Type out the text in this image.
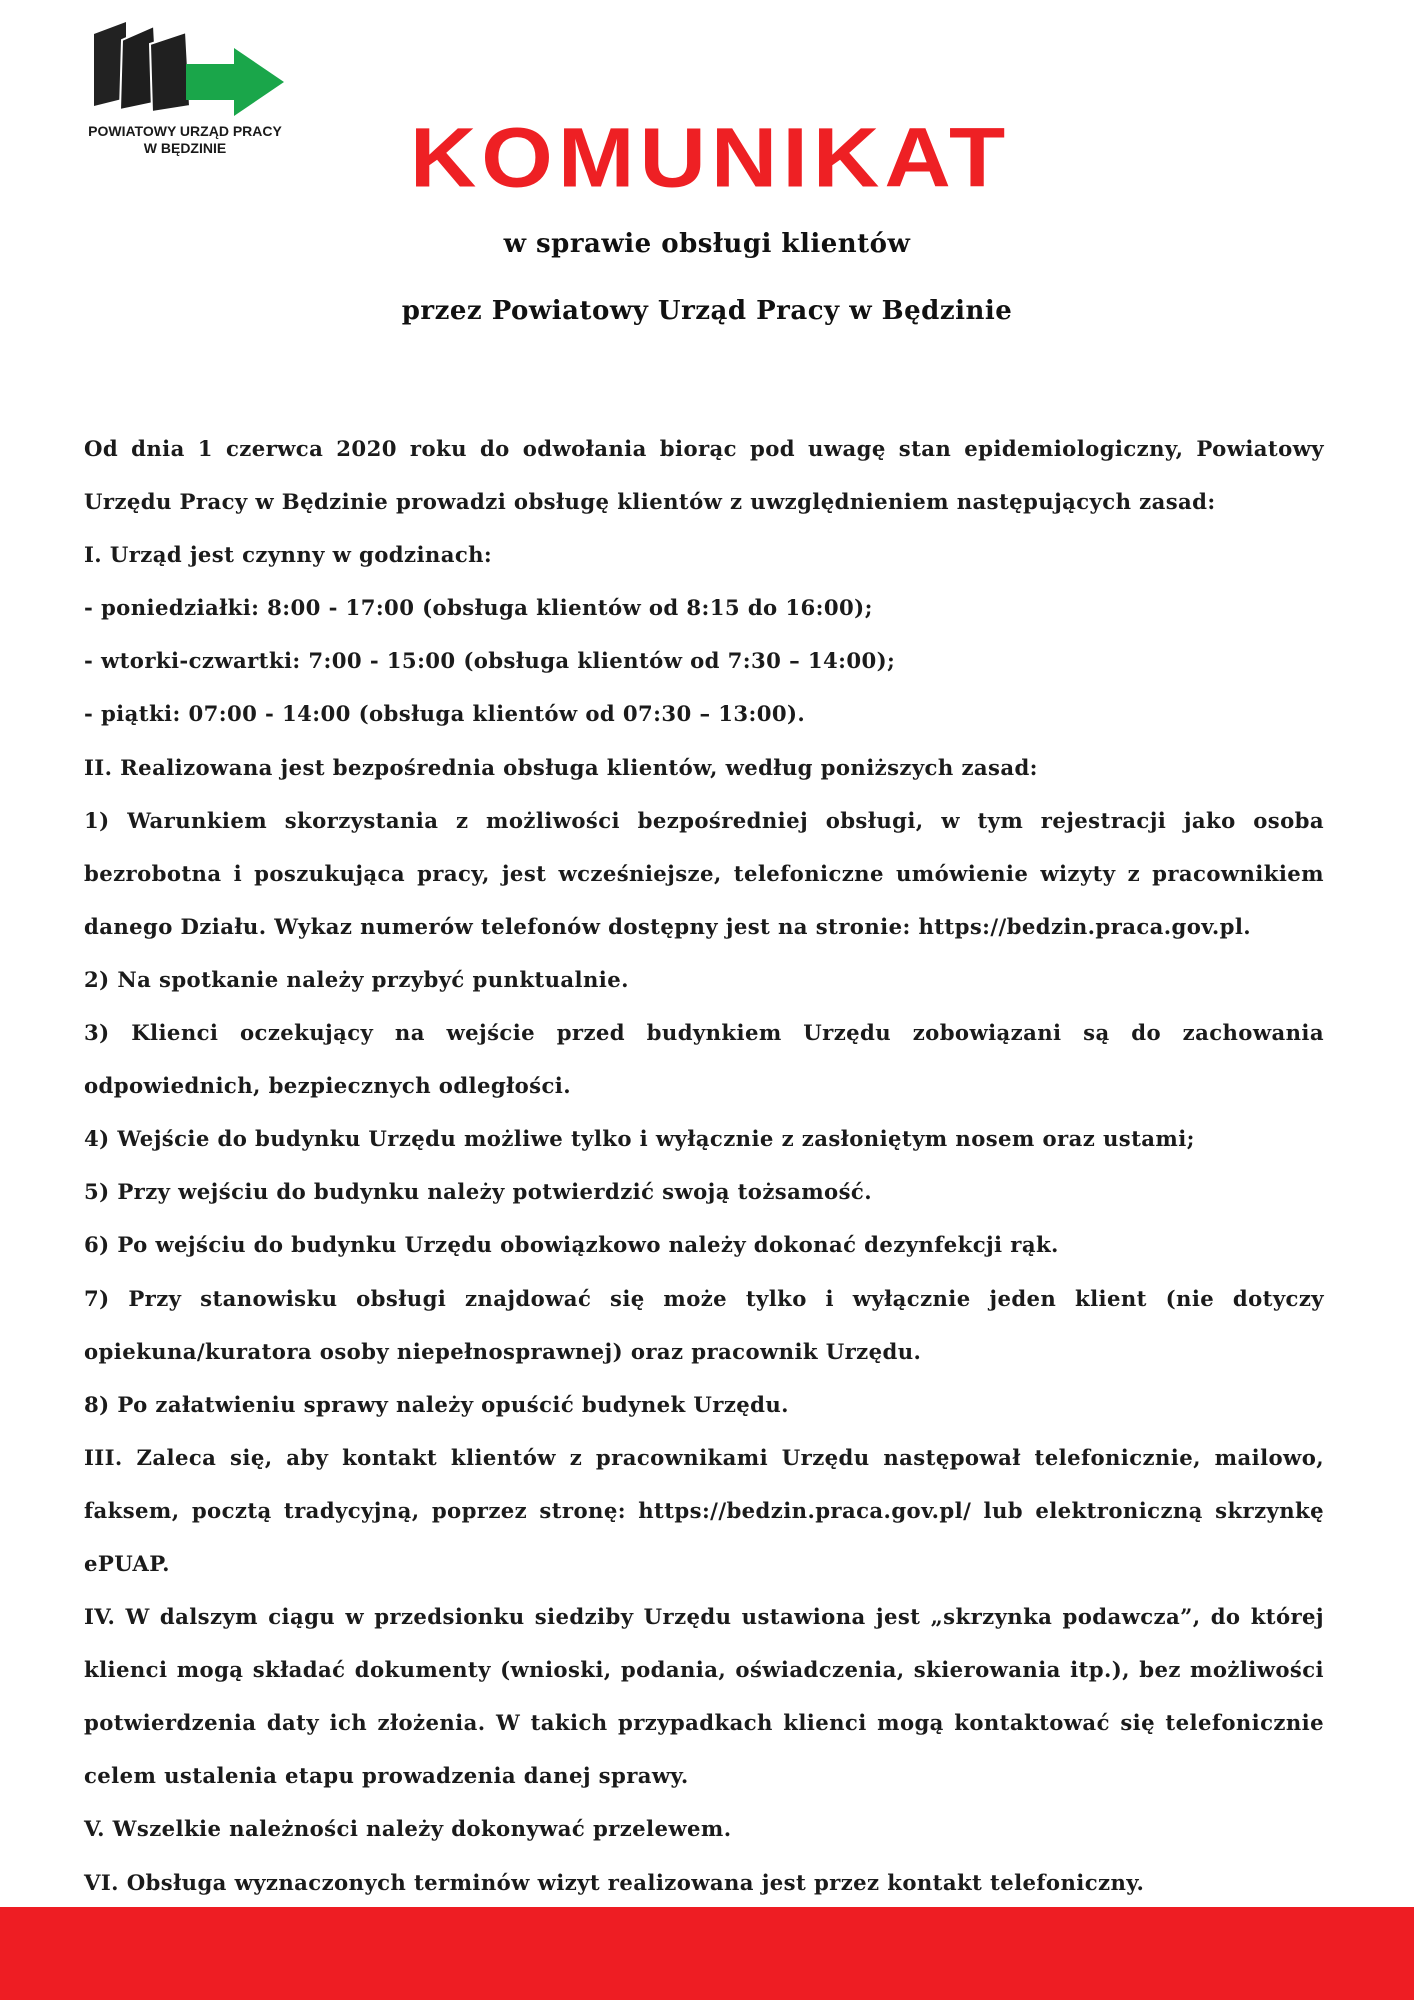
POWIATOWY URZĄD PRACY
W BĘDZINIE	KOMUNIKAT
w sprawie obsługi klientów
przez Powiatowy Urząd Pracy w Będzinie

Od dnia 1 czerwca 2020 roku do odwołania biorąc pod uwagę stan epidemiologiczny, Powiatowy Urzędu Pracy w Będzinie prowadzi obsługę klientów z uwzględnieniem następujących zasad:

I. Urząd jest czynny w godzinach:

- poniedziałki: 8:00 - 17:00 (obsługa klientów od 8:15 do 16:00);

- wtorki-czwartki: 7:00 - 15:00 (obsługa klientów od 7:30 – 14:00);

- piątki: 07:00 - 14:00 (obsługa klientów od 07:30 – 13:00).

II. Realizowana jest bezpośrednia obsługa klientów, według poniższych zasad:

1) Warunkiem skorzystania z możliwości bezpośredniej obsługi, w tym rejestracji jako osoba bezrobotna i poszukująca pracy, jest wcześniejsze, telefoniczne umówienie wizyty z pracownikiem danego Działu. Wykaz numerów telefonów dostępny jest na stronie: https://bedzin.praca.gov.pl.

2) Na spotkanie należy przybyć punktualnie.

3) Klienci oczekujący na wejście przed budynkiem Urzędu zobowiązani są do zachowania odpowiednich, bezpiecznych odległości.

4) Wejście do budynku Urzędu możliwe tylko i wyłącznie z zasłoniętym nosem oraz ustami;

5) Przy wejściu do budynku należy potwierdzić swoją tożsamość.

6) Po wejściu do budynku Urzędu obowiązkowo należy dokonać dezynfekcji rąk.

7) Przy stanowisku obsługi znajdować się może tylko i wyłącznie jeden klient (nie dotyczy opiekuna/kuratora osoby niepełnosprawnej) oraz pracownik Urzędu.

8) Po załatwieniu sprawy należy opuścić budynek Urzędu.

III. Zaleca się, aby kontakt klientów z pracownikami Urzędu następował telefonicznie, mailowo, faksem, pocztą tradycyjną, poprzez stronę: https://bedzin.praca.gov.pl/ lub elektroniczną skrzynkę ePUAP.

IV. W dalszym ciągu w przedsionku siedziby Urzędu ustawiona jest „skrzynka podawcza”, do której klienci mogą składać dokumenty (wnioski, podania, oświadczenia, skierowania itp.), bez możliwości potwierdzenia daty ich złożenia. W takich przypadkach klienci mogą kontaktować się telefonicznie celem ustalenia etapu prowadzenia danej sprawy.

V. Wszelkie należności należy dokonywać przelewem.

VI. Obsługa wyznaczonych terminów wizyt realizowana jest przez kontakt telefoniczny.
